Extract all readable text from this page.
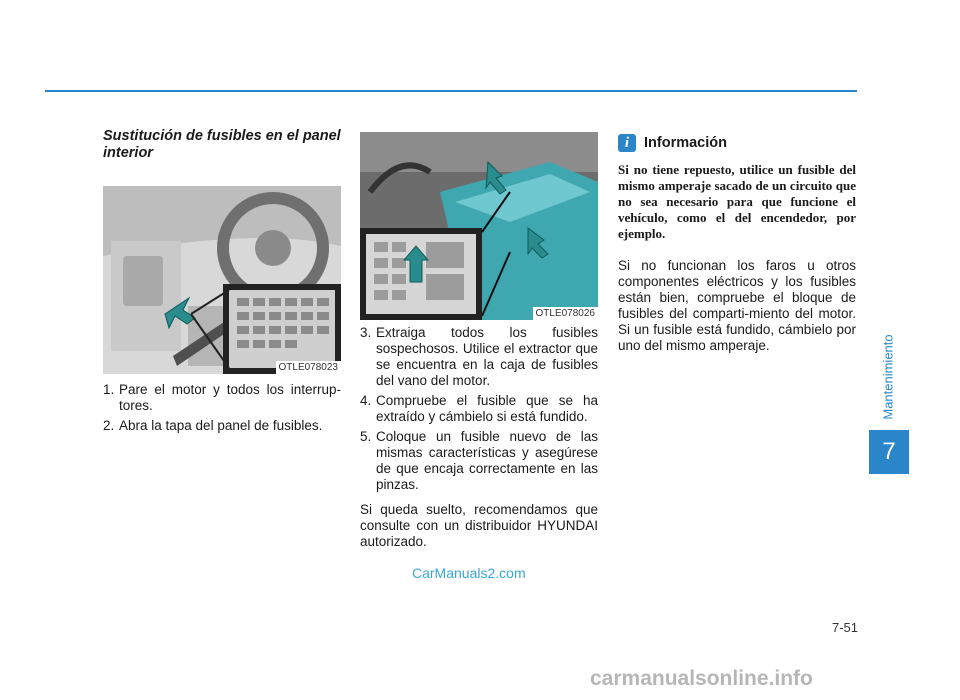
Mantenimiento
7
7-51

Sustitución de fusibles en el panel interior

OTLE078023
1. Pare el motor y todos los interrup-tores.
2. Abra la tapa del panel de fusibles.
OTLE078026
3. Extraiga todos los fusibles sospechosos. Utilice el extractor que se encuentra en la caja de fusibles del vano del motor.
4. Compruebe el fusible que se ha extraído y cámbielo si está fundido.
5. Coloque un fusible nuevo de las mismas características y asegúrese de que encaja correctamente en las pinzas.

Si queda suelto, recomendamos que consulte con un distribuidor HYUNDAI autorizado.

i	Información

Si no tiene repuesto, utilice un fusible del mismo amperaje sacado de un circuito que no sea necesario para que funcione el vehículo, como el del encendedor, por ejemplo.

Si no funcionan los faros u otros componentes eléctricos y los fusibles están bien, compruebe el bloque de fusibles del comparti-miento del motor. Si un fusible está fundido, cámbielo por uno del mismo amperaje.

CarManuals2.com
carmanualsonline.info
